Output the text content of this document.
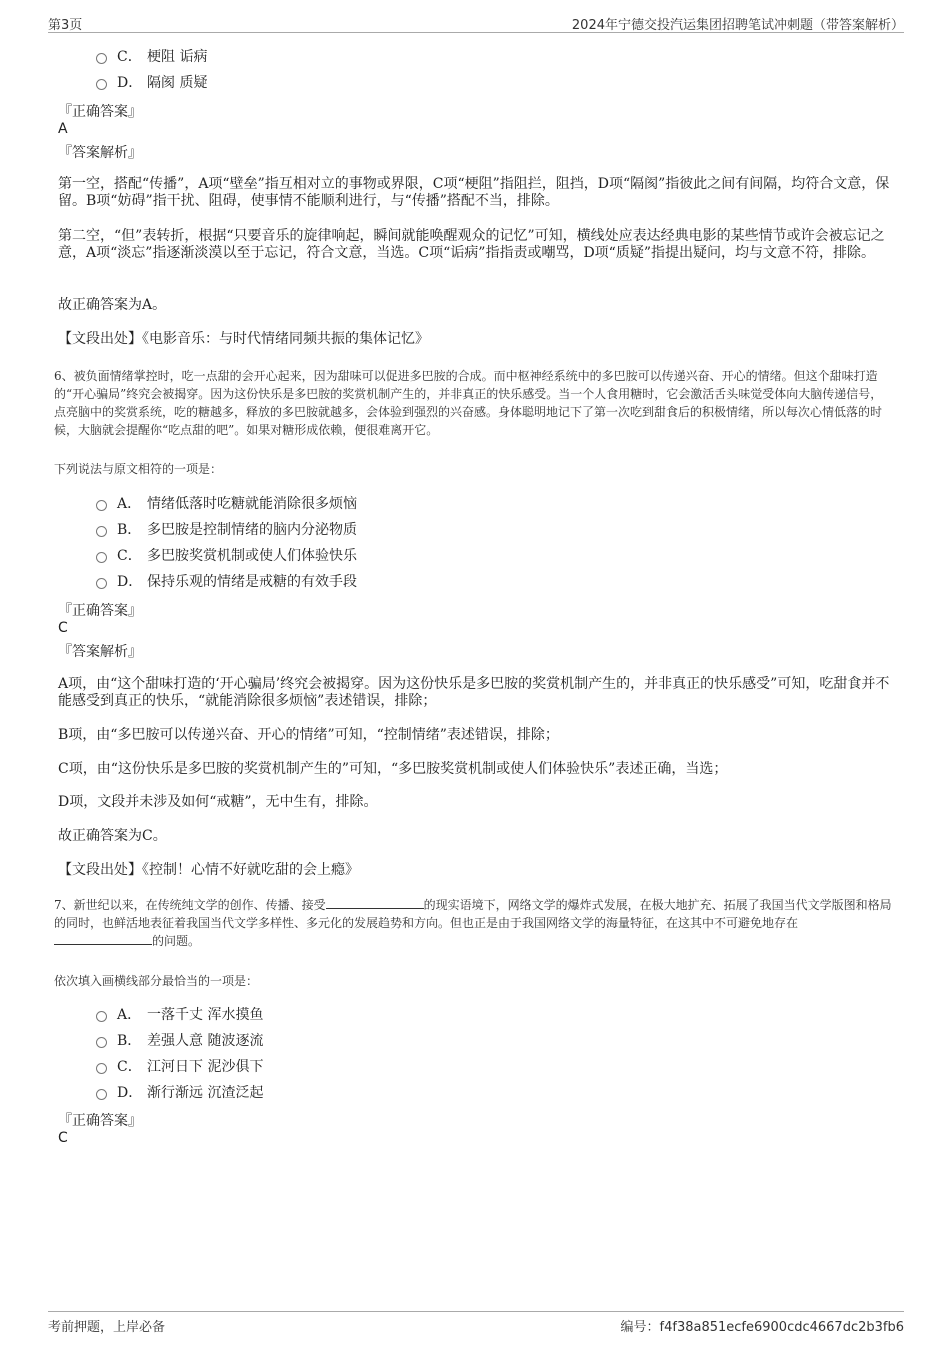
第3页	2024年宁德交投汽运集团招聘笔试冲刺题（带答案解析）
C． 梗阻 诟病
D． 隔阂 质疑
『正确答案』
A
『答案解析』
第一空，搭配“传播”，A项“壁垒”指互相对立的事物或界限，C项“梗阻”指阻拦，阻挡，D项“隔阂”指彼此之间有间隔，均符合文意，保留。B项“妨碍”指干扰、阻碍，使事情不能顺利进行，与“传播”搭配不当，排除。
第二空，“但”表转折，根据“只要音乐的旋律响起，瞬间就能唤醒观众的记忆”可知，横线处应表达经典电影的某些情节或许会被忘记之意，A项“淡忘”指逐渐淡漠以至于忘记，符合文意，当选。C项“诟病”指指责或嘲骂，D项“质疑”指提出疑问，均与文意不符，排除。
故正确答案为A。
【文段出处】《电影音乐：与时代情绪同频共振的集体记忆》
6、被负面情绪掌控时，吃一点甜的会开心起来，因为甜味可以促进多巴胺的合成。而中枢神经系统中的多巴胺可以传递兴奋、开心的情绪。但这个甜味打造的“开心骗局”终究会被揭穿。因为这份快乐是多巴胺的奖赏机制产生的，并非真正的快乐感受。当一个人食用糖时，它会激活舌头味觉受体向大脑传递信号，点亮脑中的奖赏系统，吃的糖越多，释放的多巴胺就越多，会体验到强烈的兴奋感。身体聪明地记下了第一次吃到甜食后的积极情绪，所以每次心情低落的时候，大脑就会提醒你“吃点甜的吧”。如果对糖形成依赖，便很难离开它。
下列说法与原文相符的一项是：
A． 情绪低落时吃糖就能消除很多烦恼
B． 多巴胺是控制情绪的脑内分泌物质
C． 多巴胺奖赏机制或使人们体验快乐
D． 保持乐观的情绪是戒糖的有效手段
『正确答案』
C
『答案解析』
A项，由“这个甜味打造的‘开心骗局’终究会被揭穿。因为这份快乐是多巴胺的奖赏机制产生的，并非真正的快乐感受”可知，吃甜食并不能感受到真正的快乐，“就能消除很多烦恼”表述错误，排除；
B项，由“多巴胺可以传递兴奋、开心的情绪”可知，“控制情绪”表述错误，排除；
C项，由“这份快乐是多巴胺的奖赏机制产生的”可知，“多巴胺奖赏机制或使人们体验快乐”表述正确，当选；
D项，文段并未涉及如何“戒糖”，无中生有，排除。
故正确答案为C。
【文段出处】《控制！心情不好就吃甜的会上瘾》
7、新世纪以来，在传统纯文学的创作、传播、接受	的现实语境下，网络文学的爆炸式发展，在极大地扩充、拓展了我国当代文学版图和格局的同时，也鲜活地表征着我国当代文学多样性、多元化的发展趋势和方向。但也正是由于我国网络文学的海量特征，在这其中不可避免地存在的问题。
依次填入画横线部分最恰当的一项是：
A． 一落千丈 浑水摸鱼
B． 差强人意 随波逐流
C． 江河日下 泥沙俱下
D． 渐行渐远 沉渣泛起
『正确答案』
C
考前押题，上岸必备	编号：f4f38a851ecfe6900cdc4667dc2b3fb6
